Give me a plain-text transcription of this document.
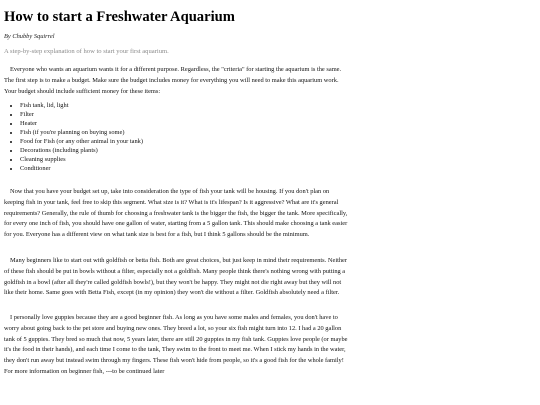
How to start a Freshwater Aquarium

By Chubby Squirrel

A step-by-step explanation of how to start your first aquarium.

Everyone who wants an aquarium wants it for a different purpose. Regardless, the "criteria" for starting the aquarium is the same. The first step is to make a budget. Make sure the budget includes money for everything you will need to make this aquarium work. Your budget should include sufficient money for these items:

• Fish tank, lid, light
• Filter
• Heater
• Fish (if you're planning on buying some)
• Food for Fish (or any other animal in your tank)
• Decorations (including plants)
• Cleaning supplies
• Conditioner

Now that you have your budget set up, take into consideration the type of fish your tank will be housing. If you don't plan on keeping fish in your tank, feel free to skip this segment. What size is it? What is it's lifespan? Is it aggressive? What are it's general requirements? Generally, the rule of thumb for choosing a freshwater tank is the bigger the fish, the bigger the tank. More specifically, for every one inch of fish, you should have one gallon of water, starting from a 5 gallon tank. This should make choosing a tank easier for you. Everyone has a different view on what tank size is best for a fish, but I think 5 gallons should be the minimum.

Many beginners like to start out with goldfish or betta fish. Both are great choices, but just keep in mind their requirements. Neither of these fish should be put in bowls without a filter, especially not a goldfish. Many people think there's nothing wrong with putting a goldfish in a bowl (after all they're called goldfish bowls!), but they won't be happy. They might not die right away but they will not like their home. Same goes with Betta Fish, except (in my opinion) they won't die without a filter. Goldfish absolutely need a filter.

I personally love guppies because they are a good beginner fish. As long as you have some males and females, you don't have to worry about going back to the pet store and buying new ones. They breed a lot, so your six fish might turn into 12. I had a 20 gallon tank of 5 guppies. They bred so much that now, 5 years later, there are still 20 guppies in my fish tank. Guppies love people (or maybe it's the food in their hands), and each time I come to the tank, They swim to the front to meet me. When I stick my hands in the water, they don't run away but instead swim through my fingers. These fish won't hide from people, so it's a good fish for the whole family! For more information on beginner fish, ---to be continued later
